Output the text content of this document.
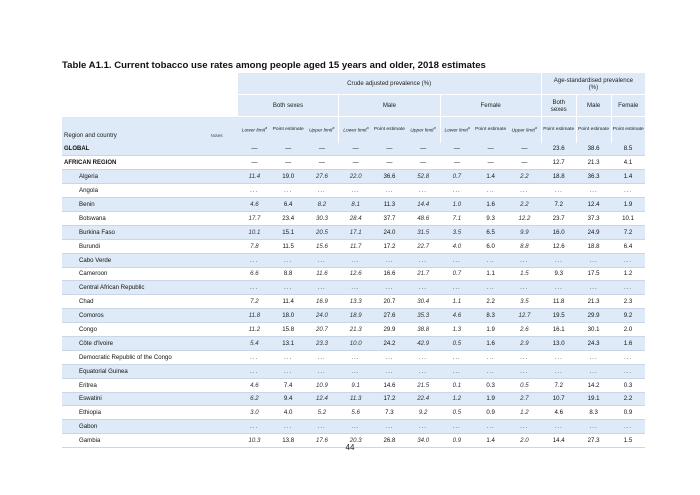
Table A1.1. Current tobacco use rates among people aged 15 years and older, 2018 estimates
		Crude adjusted prevalence (%)									Age-standardised prevalence (%)		
		Both sexes			Male			Female			Both sexes	Male	Female
Region and country	Notes	Lower limit$^a$	Point estimate	Upper limit$^a$	Lower limit$^a$	Point estimate	Upper limit$^a$	Lower limit$^a$	Point estimate	Upper limit$^a$	Point estimate	Point estimate	Point estimate

GLOBAL		—	—	—	—	—	—	—	—	—	23.6	38.6	8.5
AFRICAN REGION		—	—	—	—	—	—	—	—	—	12.7	21.3	4.1
Algeria		11.4	19.0	27.6	22.0	36.6	52.8	0.7	1.4	2.2	18.8	36.3	1.4
Angola		...	...	...	...	...	...	...	...	...	...	...	...
Benin		4.6	6.4	8.2	8.1	11.3	14.4	1.0	1.6	2.2	7.2	12.4	1.9
Botswana		17.7	23.4	30.3	28.4	37.7	48.6	7.1	9.3	12.2	23.7	37.3	10.1
Burkina Faso		10.1	15.1	20.5	17.1	24.0	31.5	3.5	6.5	9.9	16.0	24.9	7.2
Burundi		7.8	11.5	15.6	11.7	17.2	22.7	4.0	6.0	8.8	12.6	18.8	6.4
Cabo Verde		...	...	...	...	...	...	...	...	...	...	...	...
Cameroon		6.6	8.8	11.6	12.6	16.6	21.7	0.7	1.1	1.5	9.3	17.5	1.2
Central African Republic		...	...	...	...	...	...	...	...	...	...	...	...
Chad		7.2	11.4	16.9	13.3	20.7	30.4	1.1	2.2	3.5	11.8	21.3	2.3
Comoros		11.8	18.0	24.0	18.9	27.6	35.3	4.6	8.3	12.7	19.5	29.9	9.2
Congo		11.2	15.8	20.7	21.3	29.9	38.8	1.3	1.9	2.6	16.1	30.1	2.0
Côte d'Ivoire		5.4	13.1	23.3	10.0	24.2	42.9	0.5	1.6	2.9	13.0	24.3	1.6
Democratic Republic of the Congo		...	...	...	...	...	...	...	...	...	...	...	...
Equatorial Guinea		...	...	...	...	...	...	...	...	...	...	...	...
Eritrea		4.6	7.4	10.9	9.1	14.6	21.5	0.1	0.3	0.5	7.2	14.2	0.3
Eswatini		6.2	9.4	12.4	11.3	17.2	22.4	1.2	1.9	2.7	10.7	19.1	2.2
Ethiopia		3.0	4.0	5.2	5.6	7.3	9.2	0.5	0.9	1.2	4.6	8.3	0.9
Gabon		...	...	...	...	...	...	...	...	...	...	...	...
Gambia		10.3	13.8	17.6	20.3	26.8	34.0	0.9	1.4	2.0	14.4	27.3	1.5
44
